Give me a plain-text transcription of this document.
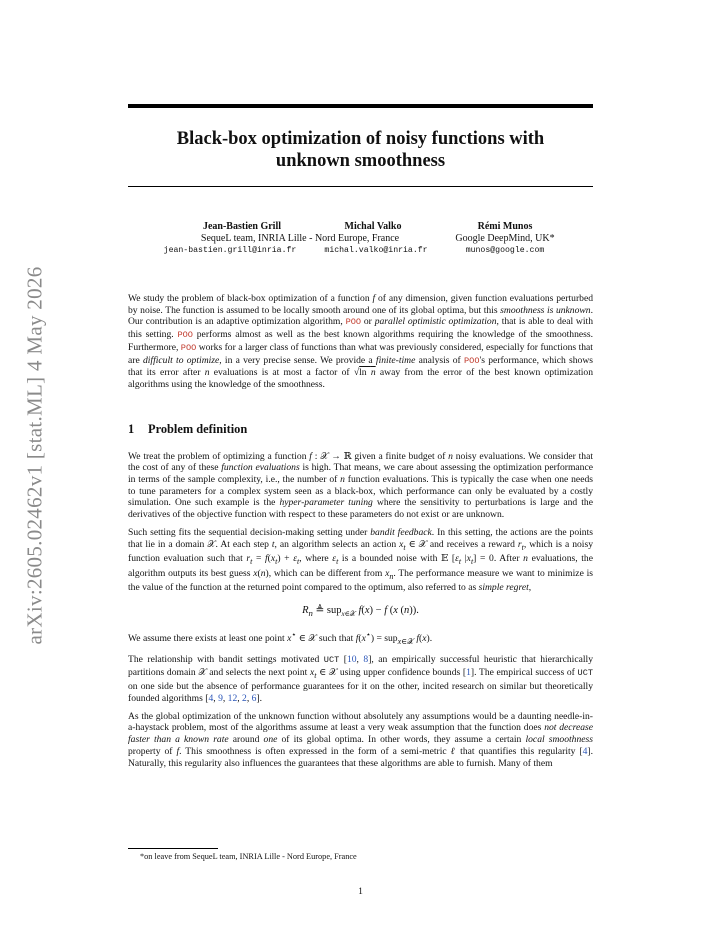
arXiv:2605.02462v1 [stat.ML] 4 May 2026
Black-box optimization of noisy functions with
unknown smoothness
Jean-Bastien Grill
SequeL team, INRIA Lille - Nord Europe, France
jean-bastien.grill@inria.fr
Michal Valko
michal.valko@inria.fr
Rémi Munos
Google DeepMind, UK*
munos@google.com

We study the problem of black-box optimization of a function f of any dimension, given function evaluations perturbed by noise. The function is assumed to be locally smooth around one of its global optima, but this smoothness is unknown. Our contribution is an adaptive optimization algorithm, POO or parallel optimistic optimization, that is able to deal with this setting. POO performs almost as well as the best known algorithms requiring the knowledge of the smoothness. Furthermore, POO works for a larger class of functions than what was previously considered, especially for functions that are difficult to optimize, in a very precise sense. We provide a finite-time analysis of POO's performance, which shows that its error after n evaluations is at most a factor of √ln n away from the error of the best known optimization algorithms using the knowledge of the smoothness.

1 Problem definition

We treat the problem of optimizing a function f : 𝒳 → ℝ given a finite budget of n noisy evaluations. We consider that the cost of any of these function evaluations is high. That means, we care about assessing the optimization performance in terms of the sample complexity, i.e., the number of n function evaluations. This is typically the case when one needs to tune parameters for a complex system seen as a black-box, which performance can only be evaluated by a costly simulation. One such example is the hyper-parameter tuning where the sensitivity to perturbations is large and the derivatives of the objective function with respect to these parameters do not exist or are unknown.

Such setting fits the sequential decision-making setting under bandit feedback. In this setting, the actions are the points that lie in a domain 𝒳. At each step t, an algorithm selects an action $x_t$ ∈ 𝒳 and receives a reward $r_t$, which is a noisy function evaluation such that $r_t = f(x_t) + \varepsilon_t$, where $\varepsilon_t$ is a bounded noise with 𝔼 [$\varepsilon_t$ $|x_t] = 0$. After n evaluations, the algorithm outputs its best guess x(n), which can be different from $x_n$. The performance measure we want to minimize is the value of the function at the returned point compared to the optimum, also referred to as simple regret,

$R_n$ ≜ sup$_{x\in 𝒳}$ f(x) − f (x (n)).

We assume there exists at least one point x⋆ ∈ 𝒳 such that f(x⋆) = sup$_{x\in 𝒳}$ f(x).

The relationship with bandit settings motivated UCT [10, 8], an empirically successful heuristic that hierarchically partitions domain 𝒳 and selects the next point $x_t$ ∈ 𝒳 using upper confidence bounds [1]. The empirical success of UCT on one side but the absence of performance guarantees for it on the other, incited research on similar but theoretically founded algorithms [4, 9, 12, 2, 6].

As the global optimization of the unknown function without absolutely any assumptions would be a daunting needle-in-a-haystack problem, most of the algorithms assume at least a very weak assumption that the function does not decrease faster than a known rate around one of its global optima. In other words, they assume a certain local smoothness property of f. This smoothness is often expressed in the form of a semi-metric ℓ that quantifies this regularity [4]. Naturally, this regularity also influences the guarantees that these algorithms are able to furnish. Many of them

*on leave from SequeL team, INRIA Lille - Nord Europe, France
1
